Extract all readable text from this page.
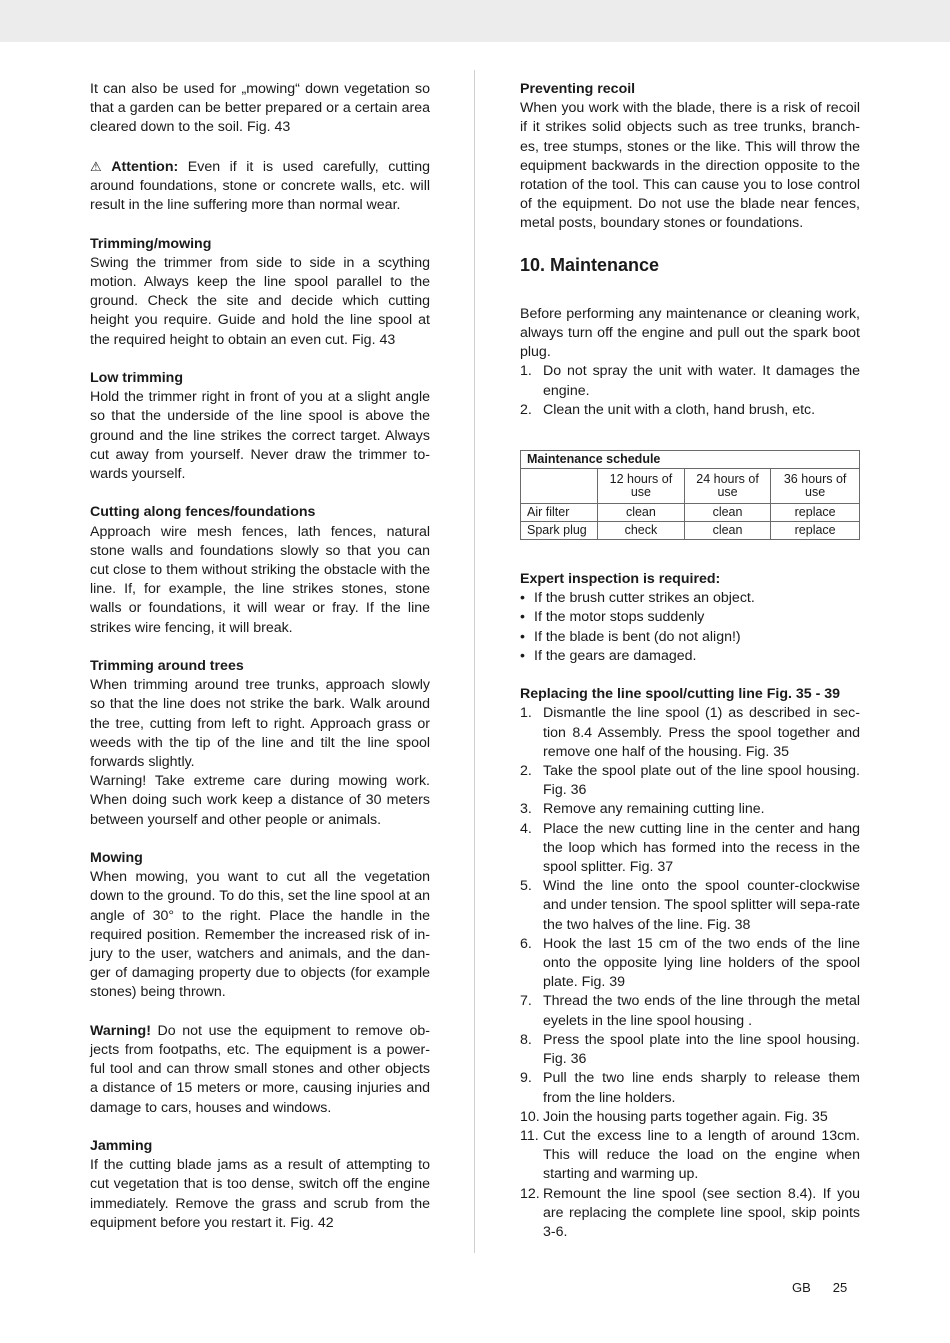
It can also be used for „mowing“ down vegetation so that a garden can be better prepared or a certain area cleared down to the soil. Fig. 43

⚠ Attention: Even if it is used carefully, cutting around foundations, stone or concrete walls, etc. will result in the line suffering more than normal wear.

Trimming/mowing

Swing the trimmer from side to side in a scything motion. Always keep the line spool parallel to the ground. Check the site and decide which cutting height you require. Guide and hold the line spool at the required height to obtain an even cut. Fig. 43

Low trimming

Hold the trimmer right in front of you at a slight angle so that the underside of the line spool is above the ground and the line strikes the correct target. Always cut away from yourself. Never draw the trimmer to-wards yourself.

Cutting along fences/foundations

Approach wire mesh fences, lath fences, natural stone walls and foundations slowly so that you can cut close to them without striking the obstacle with the line. If, for example, the line strikes stones, stone walls or foundations, it will wear or fray. If the line strikes wire fencing, it will break.

Trimming around trees

When trimming around tree trunks, approach slowly so that the line does not strike the bark. Walk around the tree, cutting from left to right. Approach grass or weeds with the tip of the line and tilt the line spool forwards slightly.

Warning! Take extreme care during mowing work. When doing such work keep a distance of 30 meters between yourself and other people or animals.

Mowing

When mowing, you want to cut all the vegetation down to the ground. To do this, set the line spool at an angle of 30° to the right. Place the handle in the required position. Remember the increased risk of in-jury to the user, watchers and animals, and the dan-ger of damaging property due to objects (for example stones) being thrown.

Warning! Do not use the equipment to remove ob-jects from footpaths, etc. The equipment is a power-ful tool and can throw small stones and other objects a distance of 15 meters or more, causing injuries and damage to cars, houses and windows.

Jamming

If the cutting blade jams as a result of attempting to cut vegetation that is too dense, switch off the engine immediately. Remove the grass and scrub from the equipment before you restart it. Fig. 42

Preventing recoil

When you work with the blade, there is a risk of recoil if it strikes solid objects such as tree trunks, branch-es, tree stumps, stones or the like. This will throw the equipment backwards in the direction opposite to the rotation of the tool. This can cause you to lose control of the equipment. Do not use the blade near fences, metal posts, boundary stones or foundations.

10. Maintenance

Before performing any maintenance or cleaning work, always turn off the engine and pull out the spark boot plug.

1. Do not spray the unit with water. It damages the engine.
2. Clean the unit with a cloth, hand brush, etc.
Maintenance schedule			
	12 hours of use	24 hours of use	36 hours of use
Air filter	clean	clean	replace
Spark plug	check	clean	replace

Expert inspection is required:

• If the brush cutter strikes an object.
• If the motor stops suddenly
• If the blade is bent (do not align!)
• If the gears are damaged.

Replacing the line spool/cutting line Fig. 35 - 39

1. Dismantle the line spool (1) as described in sec-tion 8.4 Assembly. Press the spool together and remove one half of the housing. Fig. 35
2. Take the spool plate out of the line spool housing. Fig. 36
3. Remove any remaining cutting line.
4. Place the new cutting line in the center and hang the loop which has formed into the recess in the spool splitter. Fig. 37
5. Wind the line onto the spool counter-clockwise and under tension. The spool splitter will sepa-rate the two halves of the line. Fig. 38
6. Hook the last 15 cm of the two ends of the line onto the opposite lying line holders of the spool plate. Fig. 39
7. Thread the two ends of the line through the metal eyelets in the line spool housing .
8. Press the spool plate into the line spool housing. Fig. 36
9. Pull the two line ends sharply to release them from the line holders.
10. Join the housing parts together again. Fig. 35
11. Cut the excess line to a length of around 13cm. This will reduce the load on the engine when starting and warming up.
12. Remount the line spool (see section 8.4). If you are replacing the complete line spool, skip points 3-6.
GB 25
